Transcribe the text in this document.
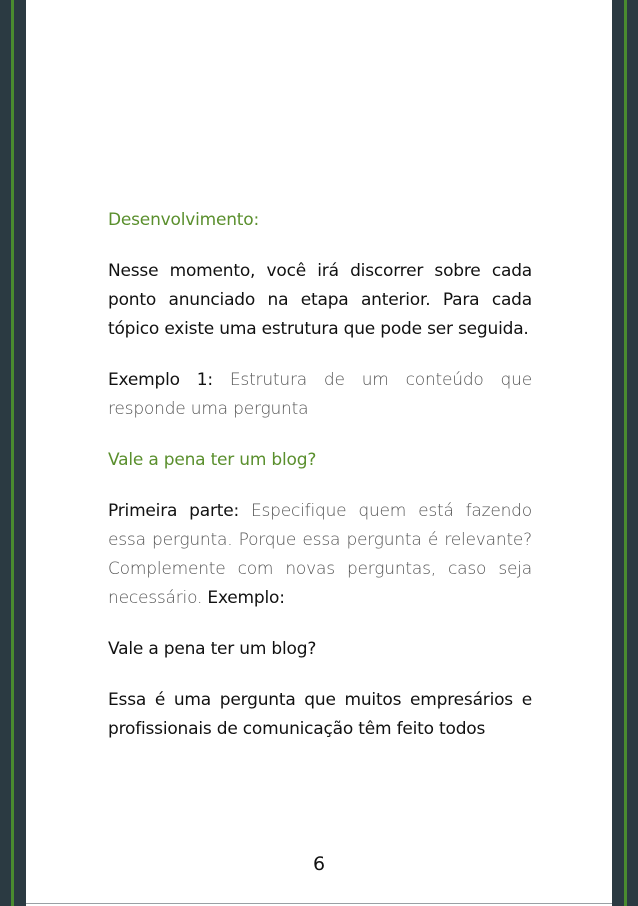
Desenvolvimento:

Nesse momento, você irá discorrer sobre cada ponto anunciado na etapa anterior. Para cada tópico existe uma estrutura que pode ser seguida.

Exemplo 1: Estrutura de um conteúdo que responde uma pergunta

Vale a pena ter um blog?

Primeira parte: Especifique quem está fazendo essa pergunta. Porque essa pergunta é relevante? Complemente com novas perguntas, caso seja necessário. Exemplo:

Vale a pena ter um blog?

Essa é uma pergunta que muitos empresários e profissionais de comunicação têm feito todos

6
